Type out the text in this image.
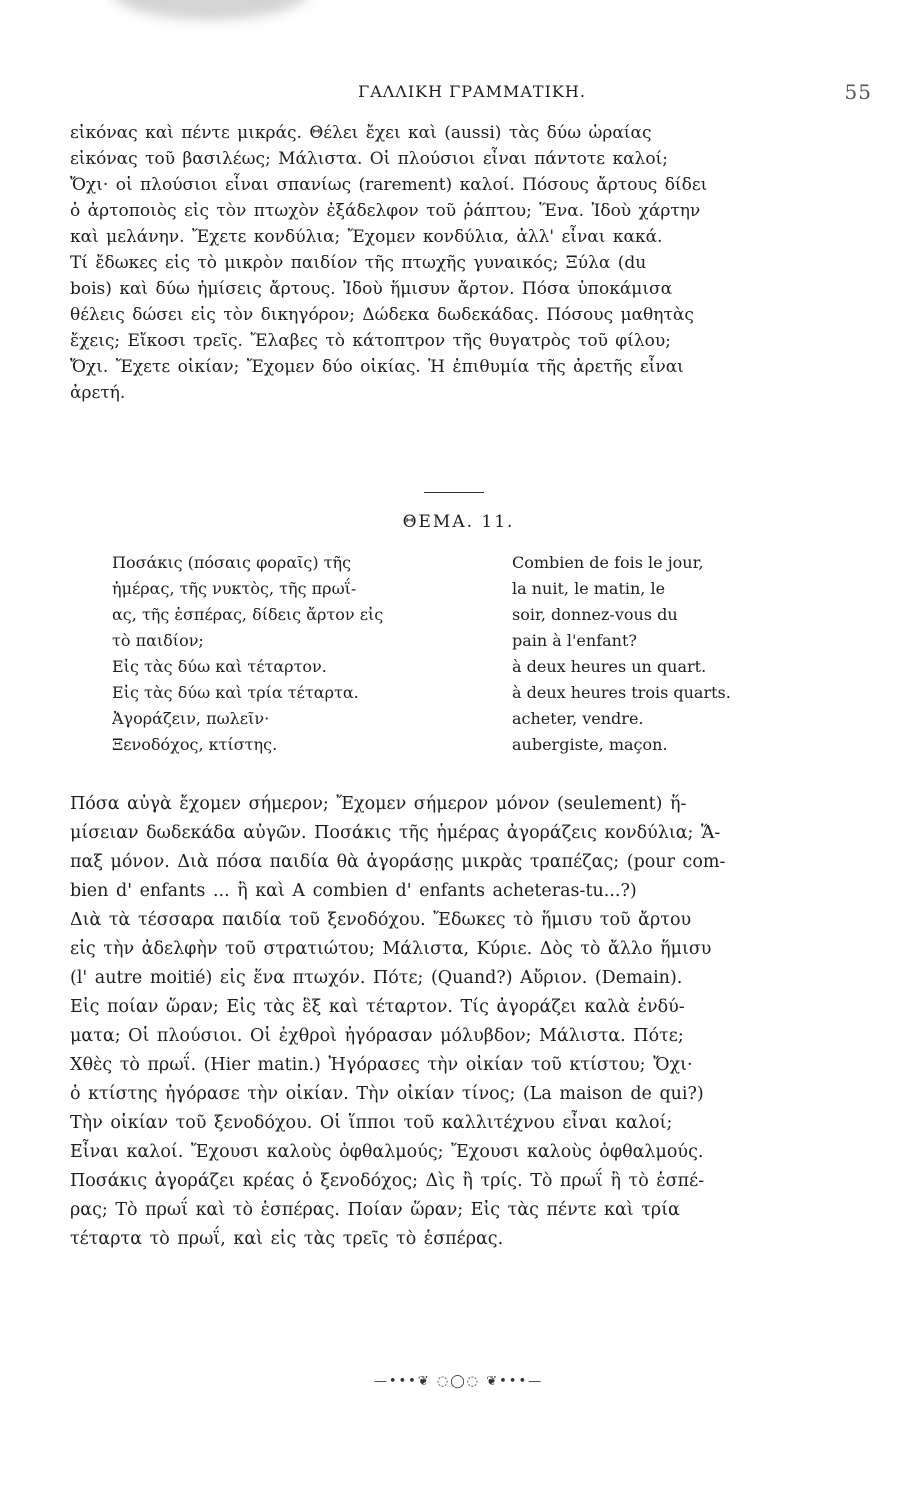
ΓΑΛΛΙΚΗ ΓΡΑΜΜΑΤΙΚΗ.	55

εἰκόνας καὶ πέντε μικράς. Θέλει ἔχει καὶ (aussi) τὰς δύω ὡραίας

εἰκόνας τοῦ βασιλέως; Μάλιστα. Οἱ πλούσιοι εἶναι πάντοτε καλοί;

Ὄχι· οἱ πλούσιοι εἶναι σπανίως (rarement) καλοί. Πόσους ἄρτους δίδει

ὁ ἀρτοποιὸς εἰς τὸν πτωχὸν ἐξάδελφον τοῦ ῥάπτου; Ἕνα. Ἰδοὺ χάρτην

καὶ μελάνην. Ἔχετε κονδύλια; Ἔχομεν κονδύλια, ἀλλ' εἶναι κακά.

Τί ἔδωκες εἰς τὸ μικρὸν παιδίον τῆς πτωχῆς γυναικός; Ξύλα (du

bois) καὶ δύω ἡμίσεις ἄρτους. Ἰδοὺ ἥμισυν ἄρτον. Πόσα ὑποκάμισα

θέλεις δώσει εἰς τὸν δικηγόρον; Δώδεκα δωδεκάδας. Πόσους μαθητὰς

ἔχεις; Εἴκοσι τρεῖς. Ἔλαβες τὸ κάτοπτρον τῆς θυγατρὸς τοῦ φίλου;

Ὄχι. Ἔχετε οἰκίαν; Ἔχομεν δύο οἰκίας. Ἡ ἐπιθυμία τῆς ἀρετῆς εἶναι

ἀρετή.

ΘΕΜΑ. 11.
Ποσάκις (πόσαις φοραῖς) τῆς
ἡμέρας, τῆς νυκτὸς, τῆς πρωΐ-
ας, τῆς ἑσπέρας, δίδεις ἄρτον εἰς
τὸ παιδίον;
Εἰς τὰς δύω καὶ τέταρτον.
Εἰς τὰς δύω καὶ τρία τέταρτα.
Ἀγοράζειν, πωλεῖν·
Ξενοδόχος, κτίστης.
Combien de fois le jour,
la nuit, le matin, le
soir, donnez-vous du
pain à l'enfant?
à deux heures un quart.
à deux heures trois quarts.
acheter, vendre.
aubergiste, maçon.

Πόσα αὐγὰ ἔχομεν σήμερον; Ἔχομεν σήμερον μόνον (seulement) ἥ-

μίσειαν δωδεκάδα αὐγῶν. Ποσάκις τῆς ἡμέρας ἀγοράζεις κονδύλια; Ἅ-

παξ μόνον. Διὰ πόσα παιδία θὰ ἀγοράσῃς μικρὰς τραπέζας; (pour com-

bien d' enfants ... ἢ καὶ A combien d' enfants acheteras-tu...?)

Διὰ τὰ τέσσαρα παιδία τοῦ ξενοδόχου. Ἔδωκες τὸ ἥμισυ τοῦ ἄρτου

εἰς τὴν ἀδελφὴν τοῦ στρατιώτου; Μάλιστα, Κύριε. Δὸς τὸ ἄλλο ἥμισυ

(l' autre moitié) εἰς ἕνα πτωχόν. Πότε; (Quand?) Αὔριον. (Demain).

Εἰς ποίαν ὥραν; Εἰς τὰς ἓξ καὶ τέταρτον. Τίς ἀγοράζει καλὰ ἐνδύ-

ματα; Οἱ πλούσιοι. Οἱ ἐχθροὶ ἠγόρασαν μόλυβδον; Μάλιστα. Πότε;

Χθὲς τὸ πρωΐ. (Hier matin.) Ἠγόρασες τὴν οἰκίαν τοῦ κτίστου; Ὄχι·

ὁ κτίστης ἠγόρασε τὴν οἰκίαν. Τὴν οἰκίαν τίνος; (La maison de qui?)

Τὴν οἰκίαν τοῦ ξενοδόχου. Οἱ ἵπποι τοῦ καλλιτέχνου εἶναι καλοί;

Εἶναι καλοί. Ἔχουσι καλοὺς ὀφθαλμούς; Ἔχουσι καλοὺς ὀφθαλμούς.

Ποσάκις ἀγοράζει κρέας ὁ ξενοδόχος; Δὶς ἢ τρίς. Τὸ πρωΐ ἢ τὸ ἑσπέ-

ρας; Τὸ πρωΐ καὶ τὸ ἑσπέρας. Ποίαν ὥραν; Εἰς τὰς πέντε καὶ τρία

τέταρτα τὸ πρωΐ, καὶ εἰς τὰς τρεῖς τὸ ἑσπέρας.

—•••❦ ◌◯◌ ❦•••—
